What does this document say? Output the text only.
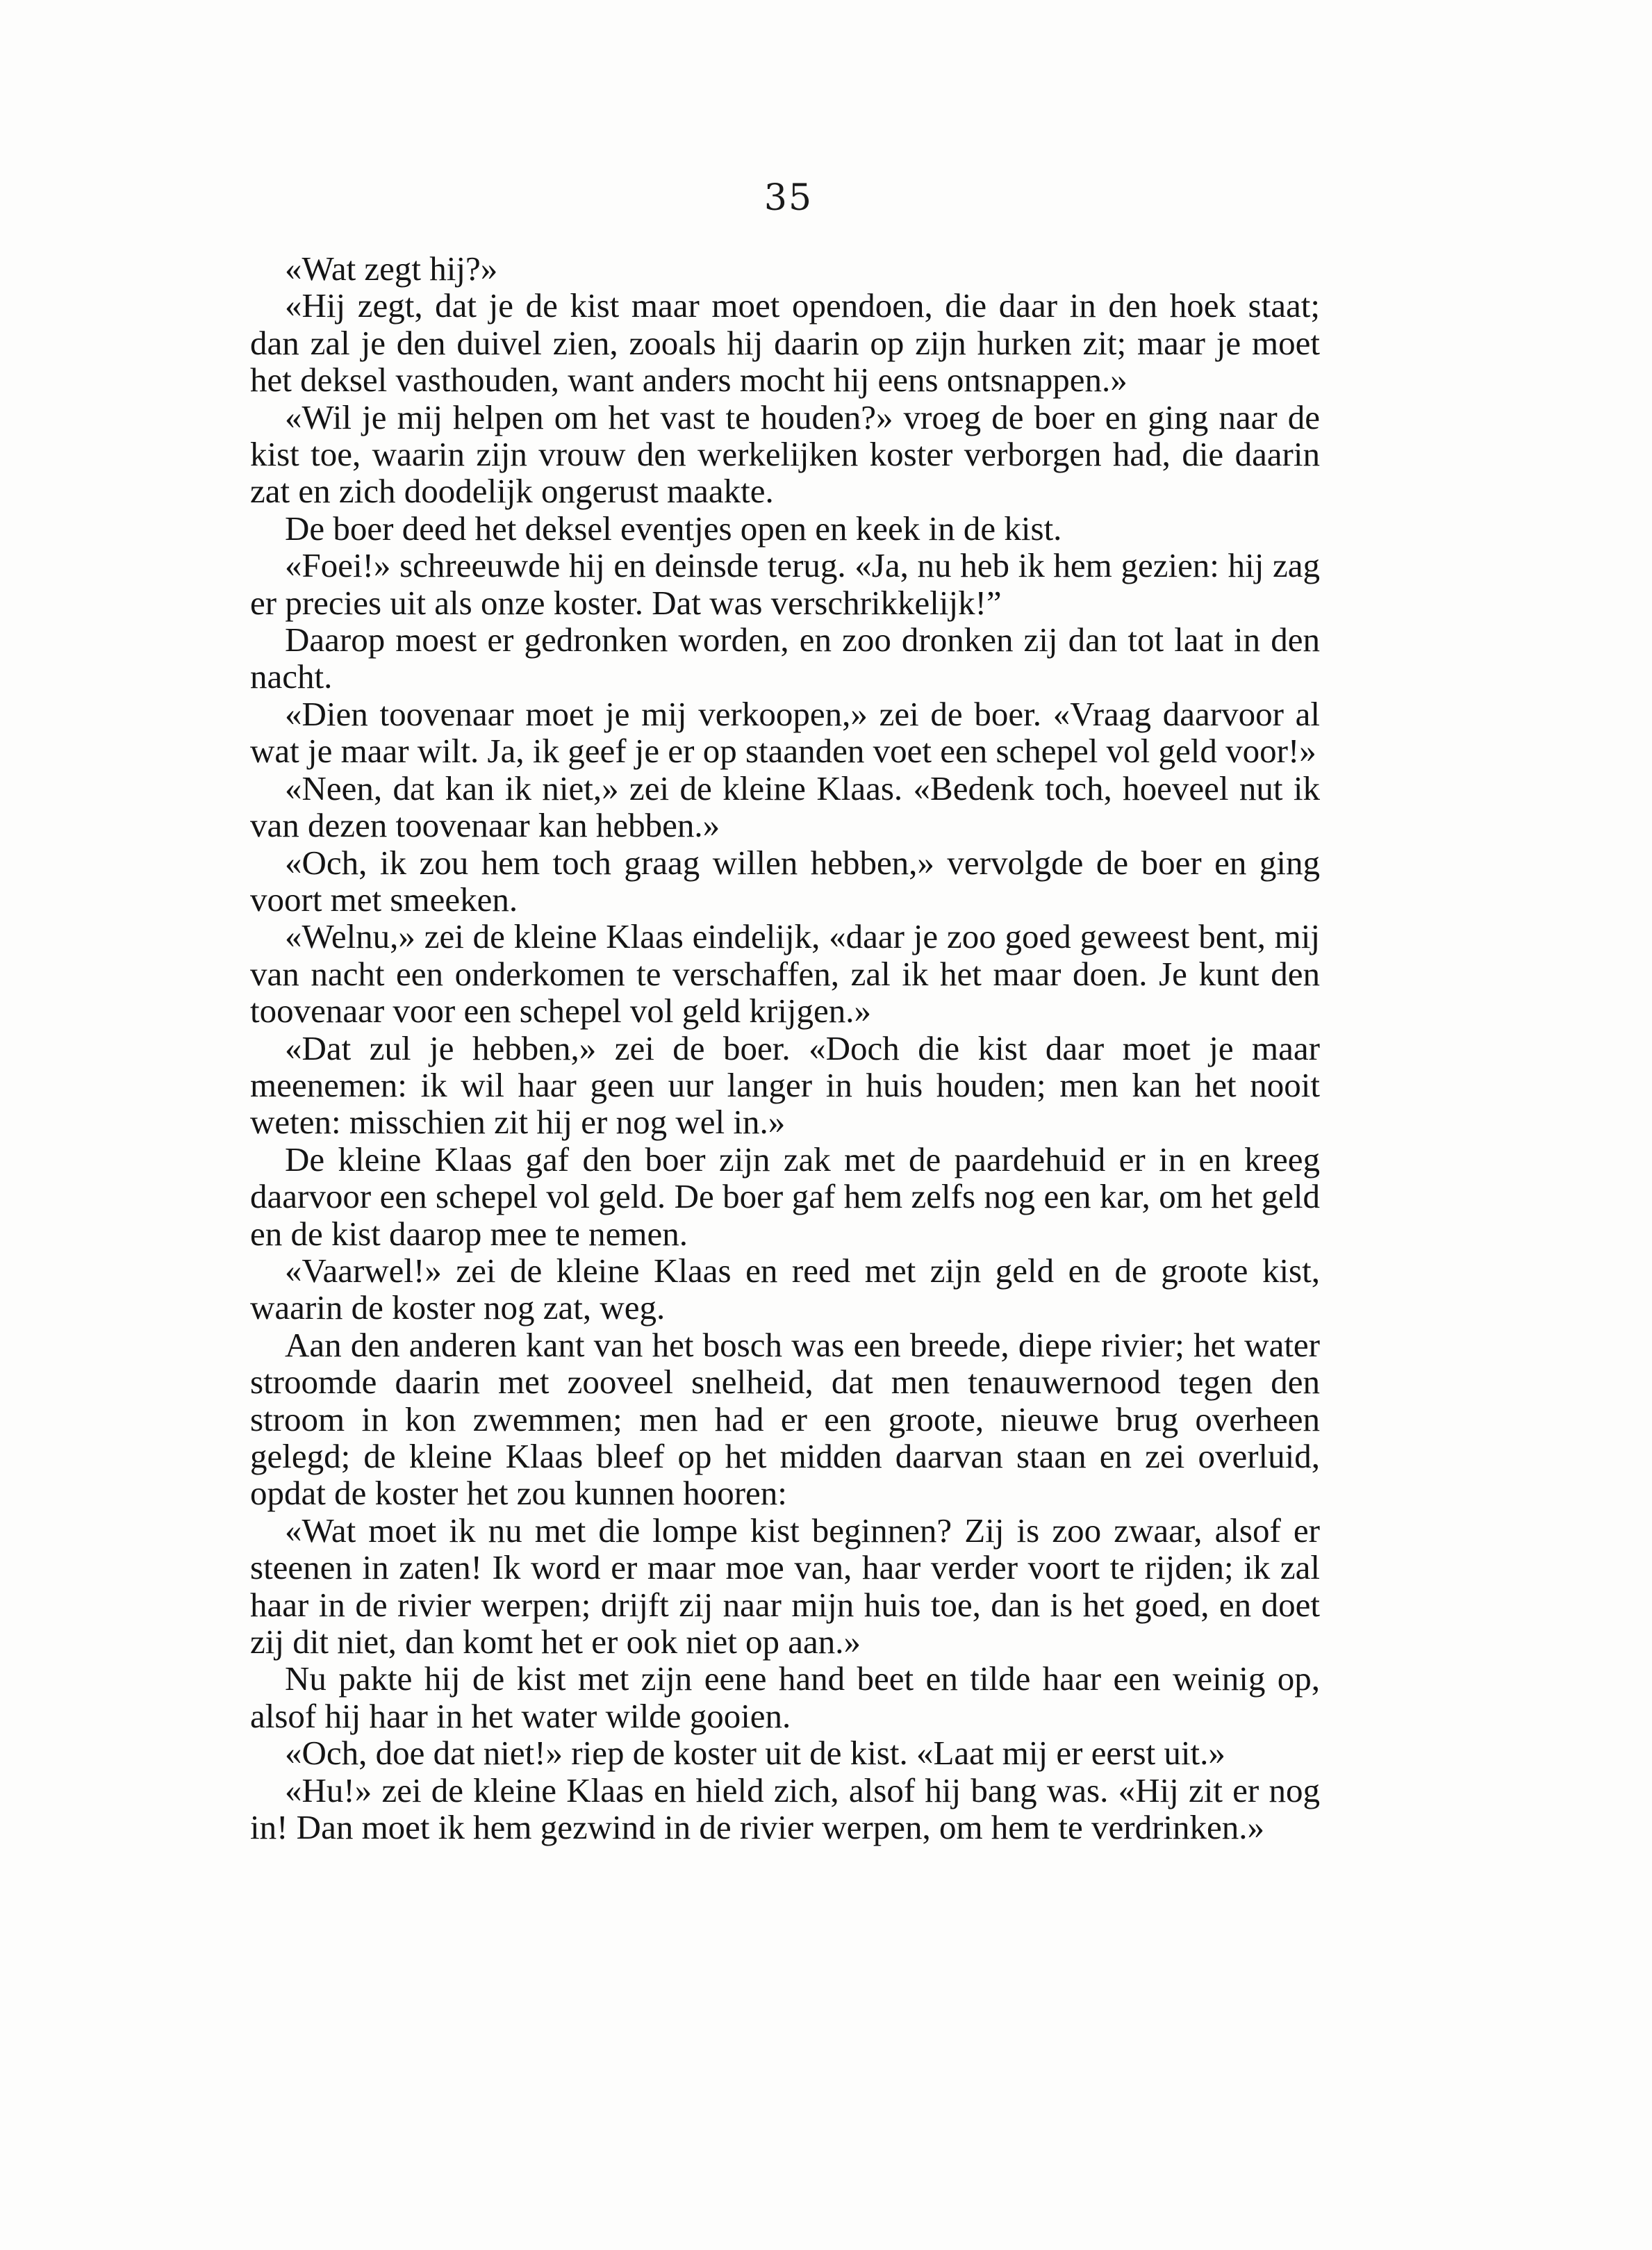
35

«Wat zegt hij?»

«Hij zegt, dat je de kist maar moet opendoen, die daar in den hoek staat; dan zal je den duivel zien, zooals hij daarin op zijn hurken zit; maar je moet het deksel vasthouden, want anders mocht hij eens ontsnappen.»

«Wil je mij helpen om het vast te houden?» vroeg de boer en ging naar de kist toe, waarin zijn vrouw den werkelijken koster verborgen had, die daarin zat en zich doodelijk ongerust maakte.

De boer deed het deksel eventjes open en keek in de kist.

«Foei!» schreeuwde hij en deinsde terug. «Ja, nu heb ik hem gezien: hij zag er precies uit als onze koster. Dat was verschrikkelijk!”

Daarop moest er gedronken worden, en zoo dronken zij dan tot laat in den nacht.

«Dien toovenaar moet je mij verkoopen,» zei de boer. «Vraag daarvoor al wat je maar wilt. Ja, ik geef je er op staanden voet een schepel vol geld voor!»

«Neen, dat kan ik niet,» zei de kleine Klaas. «Bedenk toch, hoeveel nut ik van dezen toovenaar kan hebben.»

«Och, ik zou hem toch graag willen hebben,» vervolgde de boer en ging voort met smeeken.

«Welnu,» zei de kleine Klaas eindelijk, «daar je zoo goed geweest bent, mij van nacht een onderkomen te verschaffen, zal ik het maar doen. Je kunt den toovenaar voor een schepel vol geld krijgen.»

«Dat zul je hebben,» zei de boer. «Doch die kist daar moet je maar meenemen: ik wil haar geen uur langer in huis houden; men kan het nooit weten: misschien zit hij er nog wel in.»

De kleine Klaas gaf den boer zijn zak met de paardehuid er in en kreeg daarvoor een schepel vol geld. De boer gaf hem zelfs nog een kar, om het geld en de kist daarop mee te nemen.

«Vaarwel!» zei de kleine Klaas en reed met zijn geld en de groote kist, waarin de koster nog zat, weg.

Aan den anderen kant van het bosch was een breede, diepe rivier; het water stroomde daarin met zooveel snelheid, dat men tenauwernood tegen den stroom in kon zwemmen; men had er een groote, nieuwe brug overheen gelegd; de kleine Klaas bleef op het midden daarvan staan en zei overluid, opdat de koster het zou kunnen hooren:

«Wat moet ik nu met die lompe kist beginnen? Zij is zoo zwaar, alsof er steenen in zaten! Ik word er maar moe van, haar verder voort te rijden; ik zal haar in de rivier werpen; drijft zij naar mijn huis toe, dan is het goed, en doet zij dit niet, dan komt het er ook niet op aan.»

Nu pakte hij de kist met zijn eene hand beet en tilde haar een weinig op, alsof hij haar in het water wilde gooien.

«Och, doe dat niet!» riep de koster uit de kist. «Laat mij er eerst uit.»

«Hu!» zei de kleine Klaas en hield zich, alsof hij bang was. «Hij zit er nog in! Dan moet ik hem gezwind in de rivier werpen, om hem te verdrinken.»
